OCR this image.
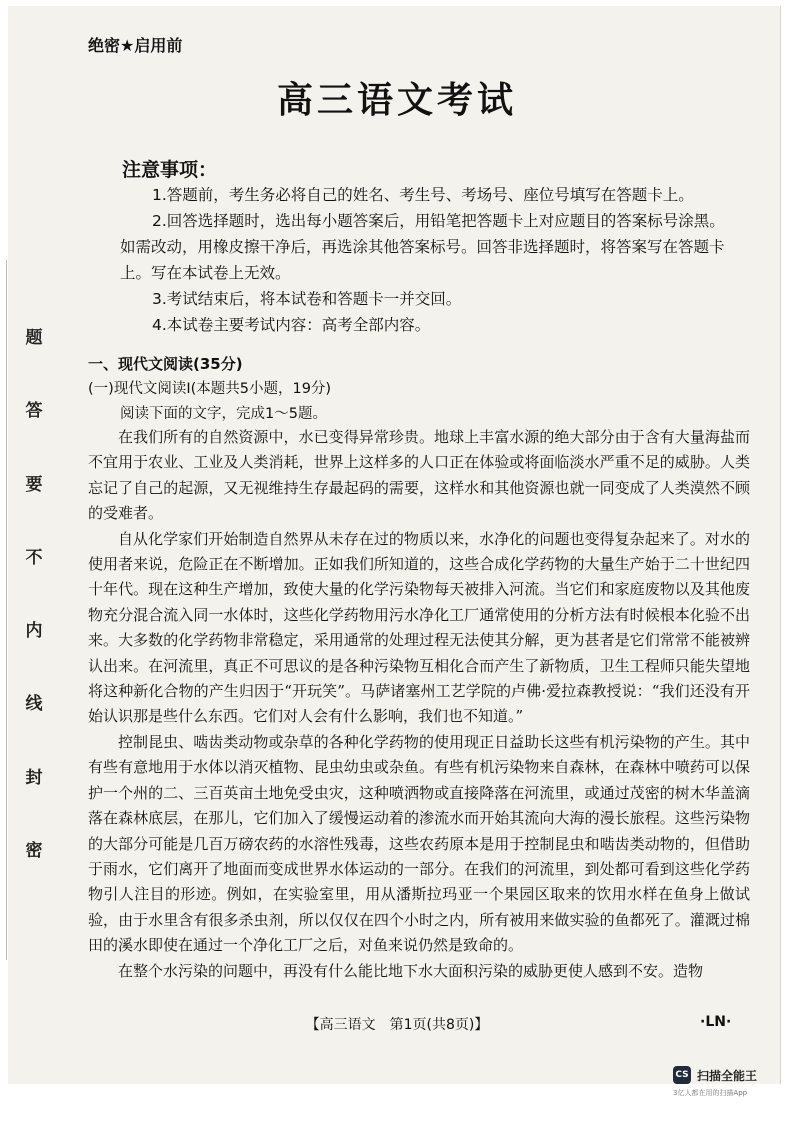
题
答
要
不
内
线
封
密
绝密★启用前
高三语文考试
注意事项：

1.答题前，考生务必将自己的姓名、考生号、考场号、座位号填写在答题卡上。

2.回答选择题时，选出每小题答案后，用铅笔把答题卡上对应题目的答案标号涂黑。如需改动，用橡皮擦干净后，再选涂其他答案标号。回答非选择题时，将答案写在答题卡上。写在本试卷上无效。

3.考试结束后，将本试卷和答题卡一并交回。

4.本试卷主要考试内容：高考全部内容。

一、现代文阅读(35分)
(一)现代文阅读Ⅰ(本题共5小题，19分)
阅读下面的文字，完成1～5题。

在我们所有的自然资源中，水已变得异常珍贵。地球上丰富水源的绝大部分由于含有大量海盐而不宜用于农业、工业及人类消耗，世界上这样多的人口正在体验或将面临淡水严重不足的威胁。人类忘记了自己的起源，又无视维持生存最起码的需要，这样水和其他资源也就一同变成了人类漠然不顾的受难者。

自从化学家们开始制造自然界从未存在过的物质以来，水净化的问题也变得复杂起来了。对水的使用者来说，危险正在不断增加。正如我们所知道的，这些合成化学药物的大量生产始于二十世纪四十年代。现在这种生产增加，致使大量的化学污染物每天被排入河流。当它们和家庭废物以及其他废物充分混合流入同一水体时，这些化学药物用污水净化工厂通常使用的分析方法有时候根本化验不出来。大多数的化学药物非常稳定，采用通常的处理过程无法使其分解，更为甚者是它们常常不能被辨认出来。在河流里，真正不可思议的是各种污染物互相化合而产生了新物质，卫生工程师只能失望地将这种新化合物的产生归因于“开玩笑”。马萨诸塞州工艺学院的卢佛·爱拉森教授说：“我们还没有开始认识那是些什么东西。它们对人会有什么影响，我们也不知道。”

控制昆虫、啮齿类动物或杂草的各种化学药物的使用现正日益助长这些有机污染物的产生。其中有些有意地用于水体以消灭植物、昆虫幼虫或杂鱼。有些有机污染物来自森林，在森林中喷药可以保护一个州的二、三百英亩土地免受虫灾，这种喷洒物或直接降落在河流里，或通过茂密的树木华盖滴落在森林底层，在那儿，它们加入了缓慢运动着的渗流水而开始其流向大海的漫长旅程。这些污染物的大部分可能是几百万磅农药的水溶性残毒，这些农药原本是用于控制昆虫和啮齿类动物的，但借助于雨水，它们离开了地面而变成世界水体运动的一部分。在我们的河流里，到处都可看到这些化学药物引人注目的形迹。例如，在实验室里，用从潘斯拉玛亚一个果园区取来的饮用水样在鱼身上做试验，由于水里含有很多杀虫剂，所以仅仅在四个小时之内，所有被用来做实验的鱼都死了。灌溉过棉田的溪水即使在通过一个净化工厂之后，对鱼来说仍然是致命的。

在整个水污染的问题中，再没有什么能比地下水大面积污染的威胁更使人感到不安。造物

【高三语文　第1页(共8页)】	·LN·
CS 扫描全能王
3亿人都在用的扫描App
